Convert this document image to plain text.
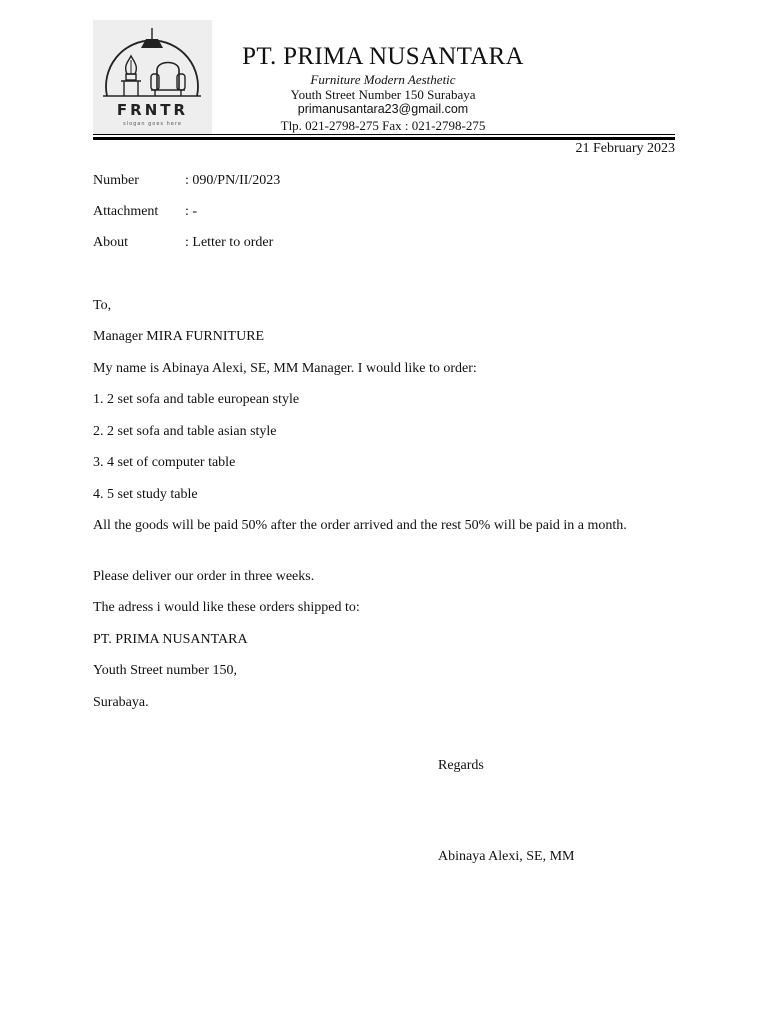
FRNTR
slogan goes here
PT. PRIMA NUSANTARA
Furniture Modern Aesthetic
Youth Street Number 150 Surabaya
primanusantara23@gmail.com
Tlp. 021-2798-275 Fax : 021-2798-275
21 February 2023
Number	: 090/PN/II/2023
Attachment : -
About	: Letter to order
To,
Manager MIRA FURNITURE
My name is Abinaya Alexi, SE, MM Manager. I would like to order:
1. 2 set sofa and table european style
2. 2 set sofa and table asian style
3. 4 set of computer table
4. 5 set study table
All the goods will be paid 50% after the order arrived and the rest 50% will be paid in a month.
Please deliver our order in three weeks.
The adress i would like these orders shipped to:
PT. PRIMA NUSANTARA
Youth Street number 150,
Surabaya.
Regards
Abinaya Alexi, SE, MM
